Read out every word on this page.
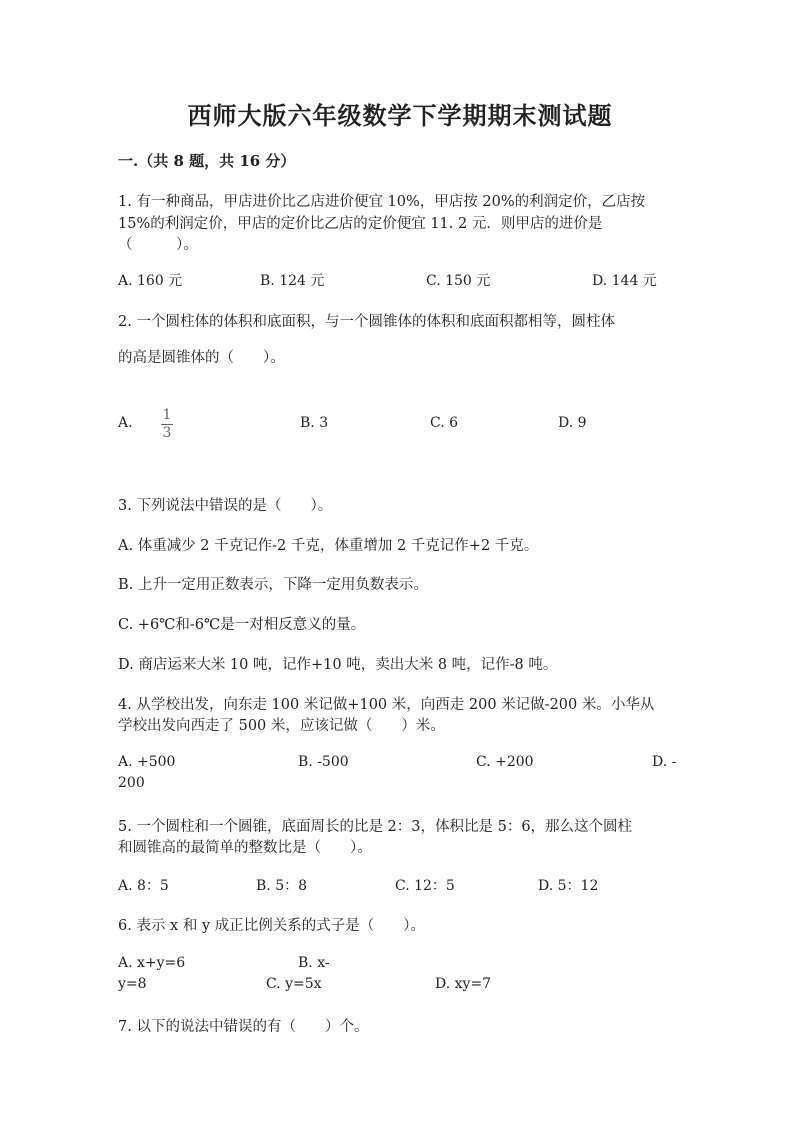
西师大版六年级数学下学期期末测试题
一.（共 8 题，共 16 分）
1. 有一种商品，甲店进价比乙店进价便宜 10%，甲店按 20%的利润定价，乙店按
15%的利润定价，甲店的定价比乙店的定价便宜 11. 2 元．则甲店的进价是
（　　　）。
A. 160 元	B. 124 元	C. 150 元	D. 144 元
2. 一个圆柱体的体积和底面积，与一个圆锥体的体积和底面积都相等，圆柱体
的高是圆锥体的（　　）。
A. 1
3
B. 3	C. 6	D. 9
3. 下列说法中错误的是（　　）。
A. 体重减少 2 千克记作-2 千克，体重增加 2 千克记作+2 千克。
B. 上升一定用正数表示，下降一定用负数表示。
C. +6℃和-6℃是一对相反意义的量。
D. 商店运来大米 10 吨，记作+10 吨，卖出大米 8 吨，记作-8 吨。
4. 从学校出发，向东走 100 米记做+100 米，向西走 200 米记做-200 米。小华从
学校出发向西走了 500 米，应该记做（　　）米。
A. +500	B. -500	C. +200	D. -
200
5. 一个圆柱和一个圆锥，底面周长的比是 2：3，体积比是 5：6，那么这个圆柱
和圆锥高的最简单的整数比是（　　）。
A. 8：5	B. 5：8	C. 12：5	D. 5：12
6. 表示 x 和 y 成正比例关系的式子是（　　）。
A. x+y=6	B. x-
y=8	C. y=5x	D. xy=7
7. 以下的说法中错误的有（　　）个。
